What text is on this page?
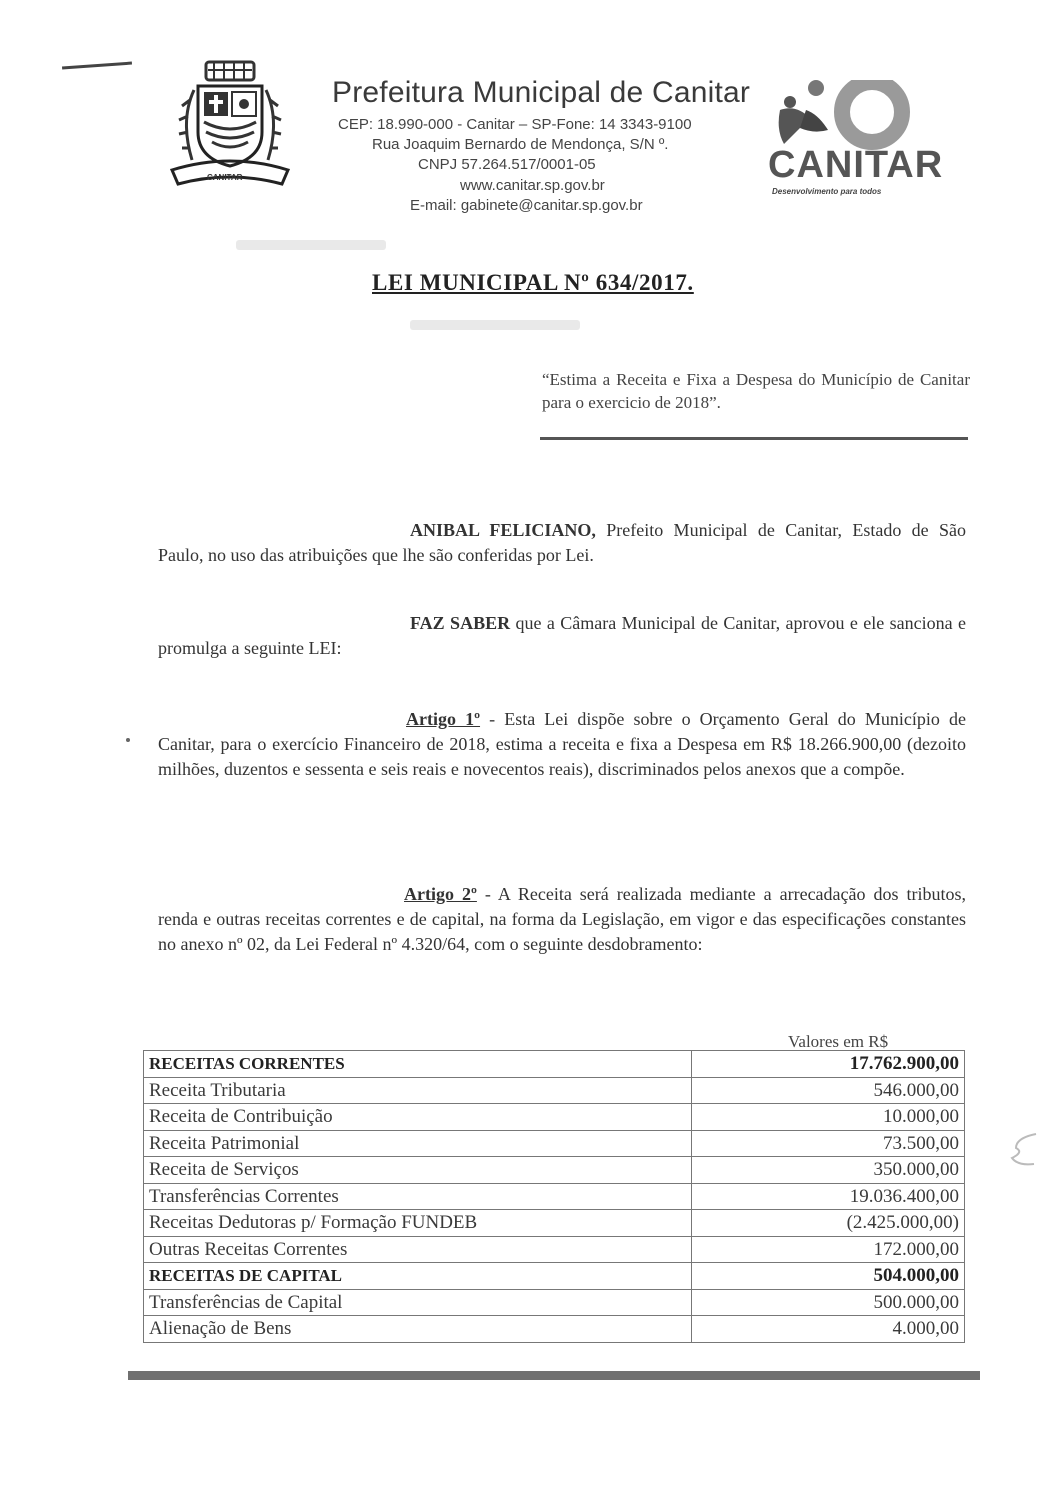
CANITAR
Prefeitura Municipal de Canitar
CEP: 18.990-000 - Canitar – SP-Fone: 14 3343-9100
Rua Joaquim Bernardo de Mendonça, S/N º.
CNPJ 57.264.517/0001-05
www.canitar.sp.gov.br
E-mail: gabinete@canitar.sp.gov.br
CANITAR
Desenvolvimento para todos
LEI MUNICIPAL Nº 634/2017.
“Estima a Receita e Fixa a Despesa do Município de Canitar para o exercicio de 2018”.
ANIBAL FELICIANO, Prefeito Municipal de Canitar, Estado de São Paulo, no uso das atribuições que lhe são conferidas por Lei.
FAZ SABER que a Câmara Municipal de Canitar, aprovou e ele sanciona e promulga a seguinte LEI:
Artigo 1º - Esta Lei dispõe sobre o Orçamento Geral do Município de Canitar, para o exercício Financeiro de 2018, estima a receita e fixa a Despesa em R$ 18.266.900,00 (dezoito milhões, duzentos e sessenta e seis reais e novecentos reais), discriminados pelos anexos que a compõe.
Artigo 2º - A Receita será realizada mediante a arrecadação dos tributos, renda e outras receitas correntes e de capital, na forma da Legislação, em vigor e das especificações constantes no anexo nº 02, da Lei Federal nº 4.320/64, com o seguinte desdobramento:
Valores em R$
RECEITAS CORRENTES	17.762.900,00
Receita Tributaria	546.000,00
Receita de Contribuição	10.000,00
Receita Patrimonial	73.500,00
Receita de Serviços	350.000,00
Transferências Correntes	19.036.400,00
Receitas Dedutoras p/ Formação FUNDEB	(2.425.000,00)
Outras Receitas Correntes	172.000,00
RECEITAS DE CAPITAL	504.000,00
Transferências de Capital	500.000,00
Alienação de Bens	4.000,00
